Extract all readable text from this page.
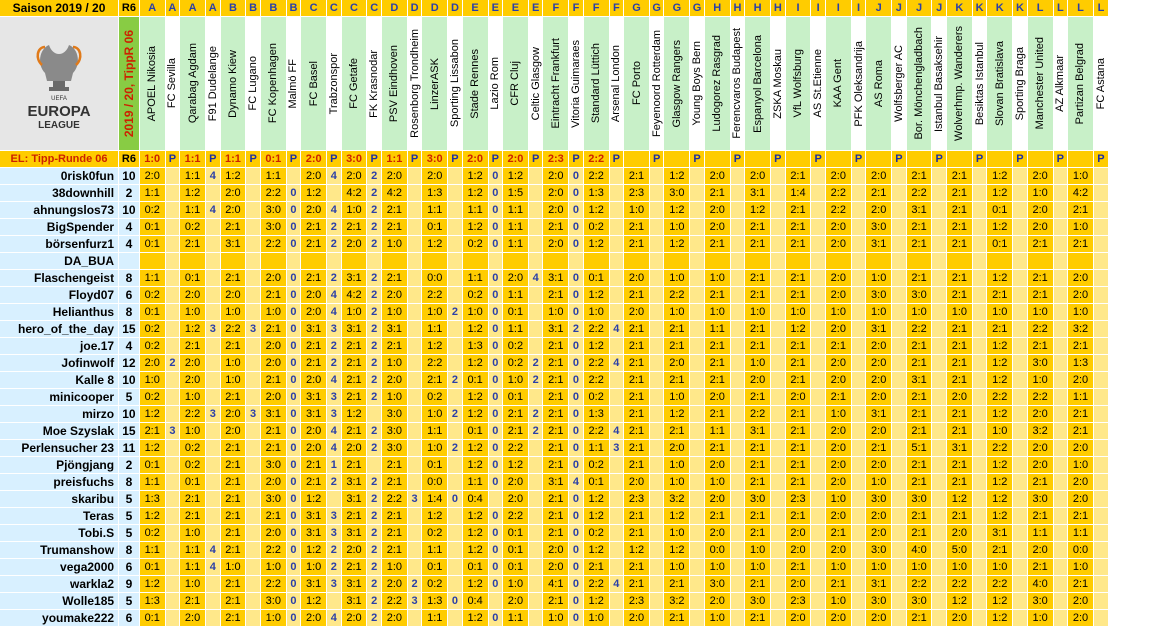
Saison 2019 / 20	R6	A	A	A	A	B	B	B	B	C	C	C	C	D	D	D	D	E	E	E	E	F	F	F	F	G	G	G	G	H	H	H	H	I	I	I	I	J	J	J	J	K	K	K	K	L	L	L	L

UEFA
EUROPA
LEAGUE	2019 / 20, TippR 06	APOEL Nikosia	FC Sevilla	Qarabag Agdam	F91 Dudelange	Dynamo Kiew	FC Lugano	FC Kopenhagen	Malmö FF	FC Basel	Trabzonspor	FC Getafe	FK Krasnodar	PSV Eindhoven	Rosenborg Trondheim	LinzerASK	Sporting Lissabon	Stade Rennes	Lazio Rom	CFR Cluj	Celtic Glasgow	Eintracht Frankfurt	Vitoria Guimaraes	Standard Lüttich	Arsenal London	FC Porto	Feyenoord Rotterdam	Glasgow Rangers	Young Boys Bern	Ludogorez Rasgrad	Ferencvaros Budapest	Espanyol Barcelona	ZSKA Moskau	VfL Wolfsburg	AS St.Etienne	KAA Gent	PFK Oleksandrija	AS Roma	Wolfsberger AC	Bor. Mönchengladbach	Istanbul Basaksehir	Wolverhmp. Wanderers	Besiktas Istanbul	Slovan Bratislava	Sporting Braga	Manchester United	AZ Alkmaar	Partizan Belgrad	FC Astana

EL: Tipp-Runde 06	R6	1:0	P	1:1	P	1:1	P	0:1	P	2:0	P	3:0	P	1:1	P	3:0	P	2:0	P	2:0	P	2:3	P	2:2	P		P		P		P		P		P		P		P		P		P		P		P		P
0risk0fun	10	2:0		1:1	4	1:2		1:1		2:0	4	2:0	2	2:0		2:0		1:2	0	1:2		2:0	0	2:2		2:1		1:2		2:0		2:0		2:1		2:0		2:0		2:1		2:1		1:2		2:0		1:0	
38downhill	2	1:1		1:2		2:0		2:2	0	1:2		4:2	2	4:2		1:3		1:2	0	1:5		2:0	0	1:3		2:3		3:0		2:1		3:1		1:4		2:2		2:1		2:2		2:1		1:2		1:0		4:2	
ahnungslos73	10	0:2		1:1	4	2:0		3:0	0	2:0	4	1:0	2	2:1		1:1		1:1	0	1:1		2:0	0	1:2		1:0		1:2		2:0		1:2		2:1		2:2		2:0		3:1		2:1		0:1		2:0		2:1	
BigSpender	4	0:1		0:2		2:1		3:0	0	2:1	2	2:1	2	2:1		0:1		1:2	0	1:1		2:1	0	0:2		2:1		1:0		2:0		2:1		2:1		2:0		3:0		2:1		2:1		1:2		2:0		1:0	
börsenfurz1	4	0:1		2:1		3:1		2:2	0	2:1	2	2:0	2	1:0		1:2		0:2	0	1:1		2:0	0	1:2		2:1		1:2		2:1		2:1		2:1		2:0		3:1		2:1		2:1		0:1		2:1		2:1	
DA_BUA																																																	
Flaschengeist	8	1:1		0:1		2:1		2:0	0	2:1	2	3:1	2	2:1		0:0		1:1	0	2:0	4	3:1	0	0:1		2:0		1:0		1:0		2:1		2:1		2:0		1:0		2:1		2:1		1:2		2:1		2:0	
Floyd07	6	0:2		2:0		2:0		2:1	0	2:0	4	4:2	2	2:0		2:2		0:2	0	1:1		2:1	0	1:2		2:1		2:2		2:1		2:1		2:1		2:0		3:0		3:0		2:1		2:1		2:1		2:0	
Helianthus	8	0:1		1:0		1:0		1:0	0	2:0	4	1:0	2	1:0		1:0	2	1:0	0	0:1		1:0	0	1:0		2:0		1:0		1:0		1:0		1:0		1:0		1:0		1:0		1:0		1:0		1:0		1:0	
hero_of_the_day	15	0:2		1:2	3	2:2	3	2:1	0	3:1	3	3:1	2	3:1		1:1		1:2	0	1:1		3:1	2	2:2	4	2:1		2:1		1:1		2:1		1:2		2:0		3:1		2:2		2:1		2:1		2:2		3:2	
joe.17	4	0:2		2:1		2:1		2:0	0	2:1	2	2:1	2	2:1		1:2		1:3	0	0:2		2:1	0	1:2		2:1		2:1		2:1		2:1		2:1		2:1		2:0		2:1		2:1		1:2		2:1		2:1	
Jofinwolf	12	2:0	2	2:0		1:0		2:0	0	2:1	2	2:1	2	1:0		2:2		1:2	0	0:2	2	2:1	0	2:2	4	2:1		2:0		2:1		1:0		2:1		2:0		2:0		2:1		2:1		1:2		3:0		1:3	
Kalle 8	10	1:0		2:0		1:0		2:1	0	2:0	4	2:1	2	2:0		2:1	2	0:1	0	1:0	2	2:1	0	2:2		2:1		2:1		2:1		2:0		2:1		2:0		2:0		3:1		2:1		1:2		1:0		2:0	
minicooper	5	0:2		1:0		2:1		2:0	0	3:1	3	2:1	2	1:0		0:2		1:2	0	0:1		2:1	0	0:2		2:1		1:0		2:0		2:1		2:0		2:1		2:0		2:1		2:0		2:2		2:2		1:1	
mirzo	10	1:2		2:2	3	2:0	3	3:1	0	3:1	3	1:2		3:0		1:0	2	1:2	0	2:1	2	2:1	0	1:3		2:1		1:2		2:1		2:2		2:1		1:0		3:1		2:1		2:1		1:2		2:0		2:1	
Moe Szyslak	15	2:1	3	1:0		2:0		2:1	0	2:0	4	2:1	2	3:0		1:1		0:1	0	2:1	2	2:1	0	2:2	4	2:1		2:1		1:1		3:1		2:1		2:0		2:0		2:1		2:1		1:0		3:2		2:1	
Perlensucher 23	11	1:2		0:2		2:1		2:1	0	2:0	4	2:0	2	3:0		1:0	2	1:2	0	2:2		2:1	0	1:1	3	2:1		2:0		2:1		2:1		2:1		2:0		2:1		5:1		3:1		2:2		2:0		2:0	
Pjöngjang	2	0:1		0:2		2:1		3:0	0	2:1	1	2:1		2:1		0:1		1:2	0	1:2		2:1	0	0:2		2:1		1:0		2:0		2:1		2:1		2:0		2:0		2:1		2:1		1:2		2:0		1:0	
preisfuchs	8	1:1		0:1		2:1		2:0	0	2:1	2	3:1	2	2:1		0:0		1:1	0	2:0		3:1	4	0:1		2:0		1:0		1:0		2:1		2:1		2:0		1:0		2:1		2:1		1:2		2:1		2:0	
skaribu	5	1:3		2:1		2:1		3:0	0	1:2		3:1	2	2:2	3	1:4	0	0:4		2:0		2:1	0	1:2		2:3		3:2		2:0		3:0		2:3		1:0		3:0		3:0		1:2		1:2		3:0		2:0	
Teras	5	1:2		2:1		2:1		2:1	0	3:1	3	2:1	2	2:1		1:2		1:2	0	2:2		2:1	0	1:2		2:1		1:2		2:1		2:1		2:1		2:0		2:0		2:1		2:1		1:2		2:1		2:1	
Tobi.S	5	0:2		1:0		2:1		2:0	0	3:1	3	3:1	2	2:1		0:2		1:2	0	0:1		2:1	0	0:2		2:1		1:0		2:0		2:1		2:0		2:1		2:0		2:1		2:0		3:1		1:1		1:1	
Trumanshow	8	1:1		1:1	4	2:1		2:2	0	1:2	2	2:0	2	2:1		1:1		1:2	0	0:1		2:0	0	1:2		1:2		1:2		0:0		1:0		2:0		2:0		3:0		4:0		5:0		2:1		2:0		0:0	
vega2000	6	0:1		1:1	4	1:0		1:0	0	1:0	2	2:1	2	1:0		0:1		0:1	0	0:1		2:0	0	2:1		2:1		1:0		1:0		1:0		2:1		1:0		1:0		1:0		1:0		1:0		2:1		1:0	
warkla2	9	1:2		1:0		2:1		2:2	0	3:1	3	3:1	2	2:0	2	0:2		1:2	0	1:0		4:1	0	2:2	4	2:1		2:1		3:0		2:1		2:0		2:1		3:1		2:2		2:2		2:2		4:0		2:1	
Wolle185	5	1:3		2:1		2:1		3:0	0	1:2		3:1	2	2:2	3	1:3	0	0:4		2:0		2:1	0	1:2		2:3		3:2		2:0		3:0		2:3		1:0		3:0		3:0		1:2		1:2		3:0		2:0	
youmake222	6	0:1		2:0		2:1		1:0	0	2:0	4	2:0	2	2:0		1:1		1:2	0	1:1		1:0	0	1:0		2:0		2:1		1:0		2:1		2:0		2:0		2:0		2:1		2:0		1:2		1:0		2:0	
